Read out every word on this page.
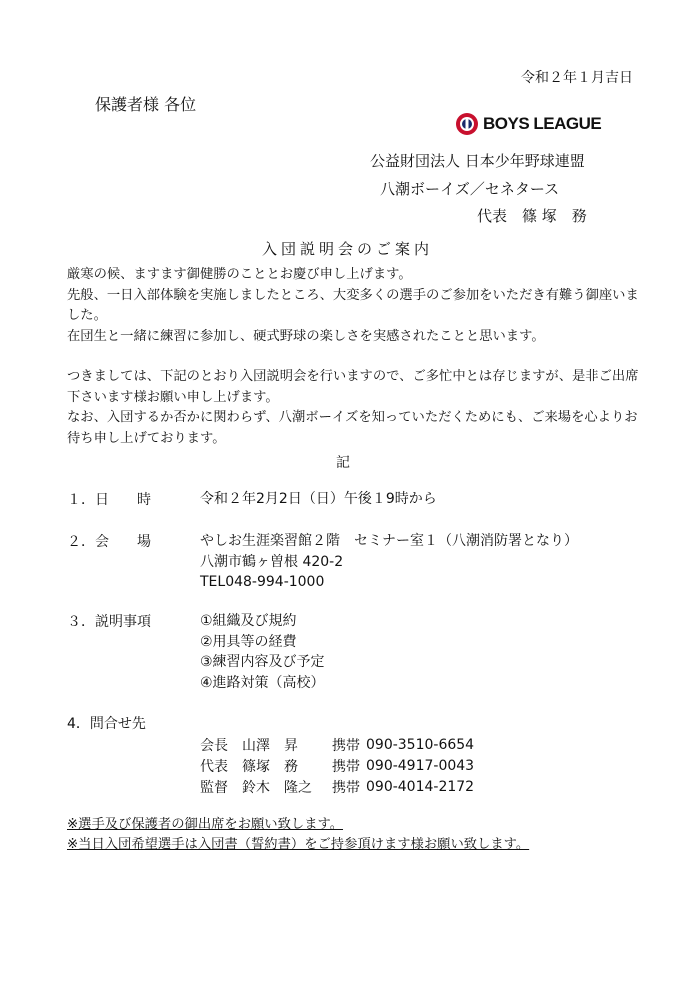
令和２年１月吉日
保護者様 各位
BOYS LEAGUE
公益財団法人 日本少年野球連盟
八潮ボーイズ／セネタース
代表　篠 塚　務
入団説明会のご案内

厳寒の候、ますます御健勝のこととお慶び申し上げます。

先般、一日入部体験を実施しましたところ、大変多くの選手のご参加をいただき有難う御座いました。

在団生と一緒に練習に参加し、硬式野球の楽しさを実感されたことと思います。

つきましては、下記のとおり入団説明会を行いますので、ご多忙中とは存じますが、是非ご出席下さいます様お願い申し上げます。

なお、入団するか否かに関わらず、八潮ボーイズを知っていただくためにも、ご来場を心よりお待ち申し上げております。

記
１．日　　時	令和２年2月2日（日）午後１9時から
２．会　　場	やしお生涯楽習館２階　セミナー室１（八潮消防署となり）
八潮市鶴ヶ曽根 420-2
TEL048-994-1000
３．説明事項	①組織及び規約
②用具等の経費
③練習内容及び予定
④進路対策（高校）
4．問合せ先
会長	山澤　昇	携帯 090-3510-6654
代表	篠塚　務	携帯 090-4917-0043
監督	鈴木　隆之	携帯 090-4014-2172
※選手及び保護者の御出席をお願い致します。
※当日入団希望選手は入団書（誓約書）をご持参頂けます様お願い致します。
